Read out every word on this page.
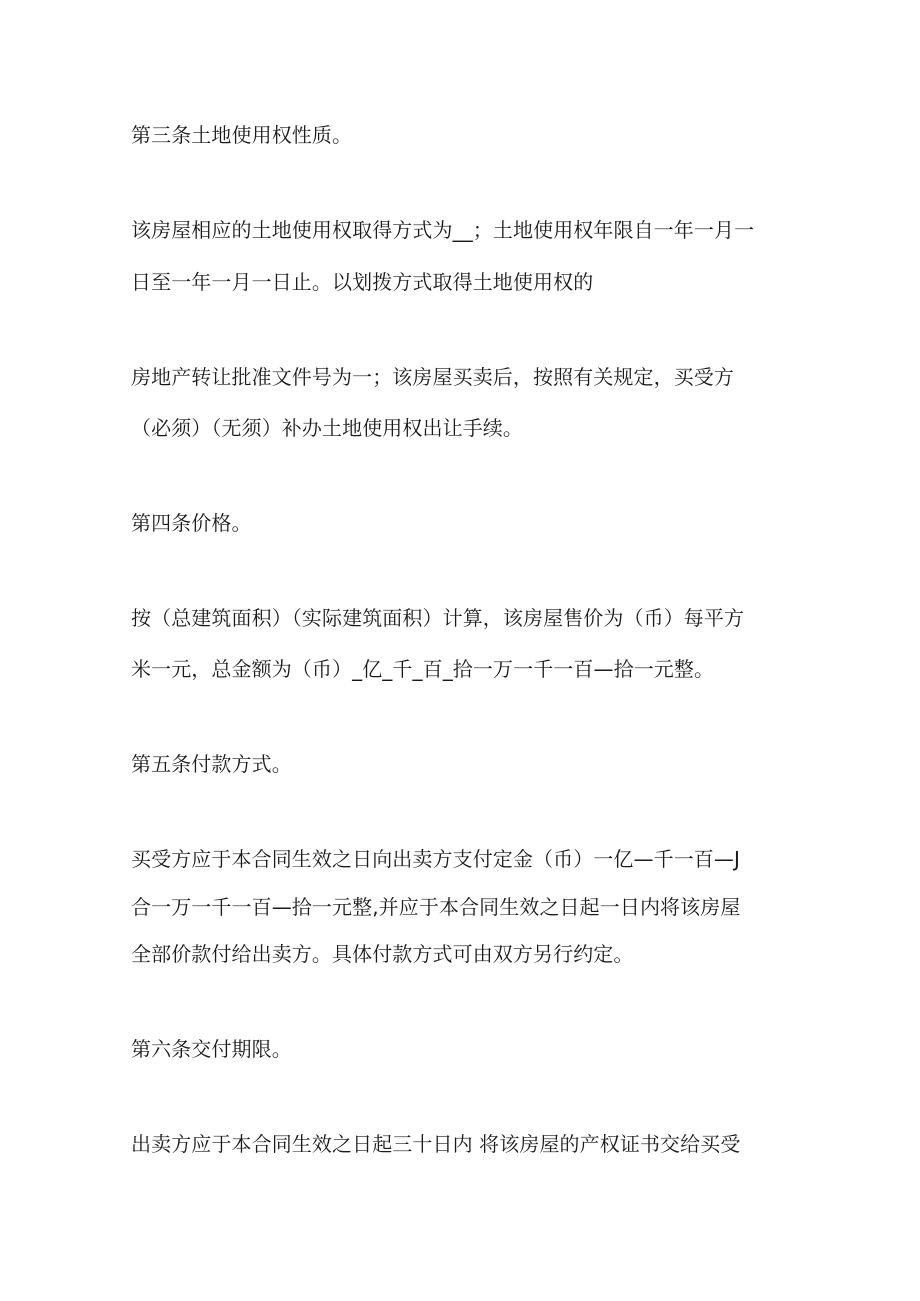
第三条土地使用权性质。
该房屋相应的土地使用权取得方式为__；土地使用权年限自一年一月一
日至一年一月一日止。以划拨方式取得土地使用权的
房地产转让批准文件号为一；该房屋买卖后，按照有关规定，买受方
（必须）（无须）补办土地使用权出让手续。
第四条价格。
按（总建筑面积）（实际建筑面积）计算，该房屋售价为（币）每平方
米一元，总金额为（币）_亿_千_百_拾一万一千一百—拾一元整。
第五条付款方式。
买受方应于本合同生效之日向出卖方支付定金（币）一亿—千一百—J
合一万一千一百—拾一元整,并应于本合同生效之日起一日内将该房屋
全部价款付给出卖方。具体付款方式可由双方另行约定。
第六条交付期限。
出卖方应于本合同生效之日起三十日内 将该房屋的产权证书交给买受
